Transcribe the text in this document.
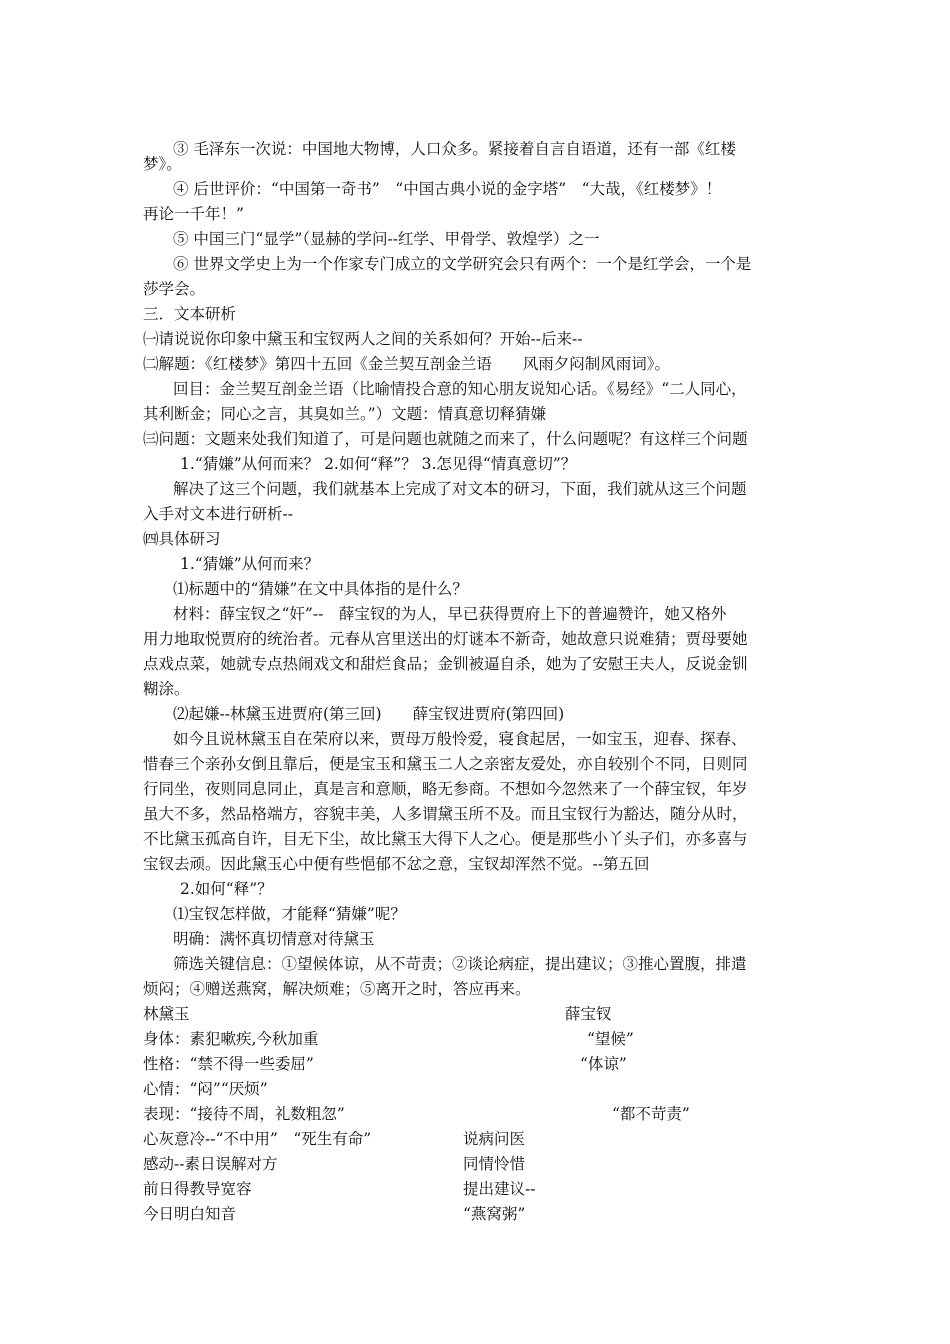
③ 毛泽东一次说：中国地大物博，人口众多。紧接着自言自语道，还有一部《红楼
梦》。
④ 后世评价：“中国第一奇书”　“中国古典小说的金字塔”　“大哉，《红楼梦》！
再论一千年！”
⑤ 中国三门“显学”（显赫的学问--红学、甲骨学、敦煌学）之一
⑥ 世界文学史上为一个作家专门成立的文学研究会只有两个：一个是红学会，一个是
莎学会。
三．文本研析
㈠请说说你印象中黛玉和宝钗两人之间的关系如何？开始--后来--
㈡解题：《红楼梦》第四十五回《金兰契互剖金兰语　　风雨夕闷制风雨词》。
回目：金兰契互剖金兰语（比喻情投合意的知心朋友说知心话。《易经》“二人同心，
其利断金；同心之言，其臭如兰。”）文题：情真意切释猜嫌
㈢问题：文题来处我们知道了，可是问题也就随之而来了，什么问题呢？有这样三个问题
1.“猜嫌”从何而来？ 2.如何“释”？ 3.怎见得“情真意切”？
解决了这三个问题，我们就基本上完成了对文本的研习，下面，我们就从这三个问题
入手对文本进行研析--
㈣具体研习
1.“猜嫌”从何而来？
⑴标题中的“猜嫌”在文中具体指的是什么？
材料：薛宝钗之“奸”--　薛宝钗的为人，早已获得贾府上下的普遍赞许，她又格外
用力地取悦贾府的统治者。元春从宫里送出的灯谜本不新奇，她故意只说难猜；贾母要她
点戏点菜，她就专点热闹戏文和甜烂食品；金钏被逼自杀，她为了安慰王夫人，反说金钏
糊涂。
⑵起嫌--林黛玉进贾府(第三回)　　薛宝钗进贾府(第四回)
如今且说林黛玉自在荣府以来，贾母万般怜爱，寝食起居，一如宝玉，迎春、探春、
惜春三个亲孙女倒且靠后，便是宝玉和黛玉二人之亲密友爱处，亦自较别个不同，日则同
行同坐，夜则同息同止，真是言和意顺，略无参商。不想如今忽然来了一个薛宝钗，年岁
虽大不多，然品格端方，容貌丰美，人多谓黛玉所不及。而且宝钗行为豁达，随分从时，
不比黛玉孤高自许，目无下尘，故比黛玉大得下人之心。便是那些小丫头子们，亦多喜与
宝钗去顽。因此黛玉心中便有些悒郁不忿之意，宝钗却浑然不觉。--第五回
2.如何“释”？
⑴宝钗怎样做，才能释“猜嫌”呢？
明确：满怀真切情意对待黛玉
筛选关键信息：①望候体谅，从不苛责；②谈论病症，提出建议；③推心置腹，排遣
烦闷；④赠送燕窝，解决烦难；⑤离开之时，答应再来。
林黛玉	薛宝钗
身体：素犯嗽疾,今秋加重	“望候”
性格：“禁不得一些委屈”	“体谅”
心情：“闷”“厌烦”
表现：“接待不周，礼数粗忽”	“都不苛责”
心灰意冷--“不中用”　“死生有命”	说病问医
感动--素日误解对方	同情怜惜
前日得教导宽容	提出建议--
今日明白知音	“燕窝粥”
